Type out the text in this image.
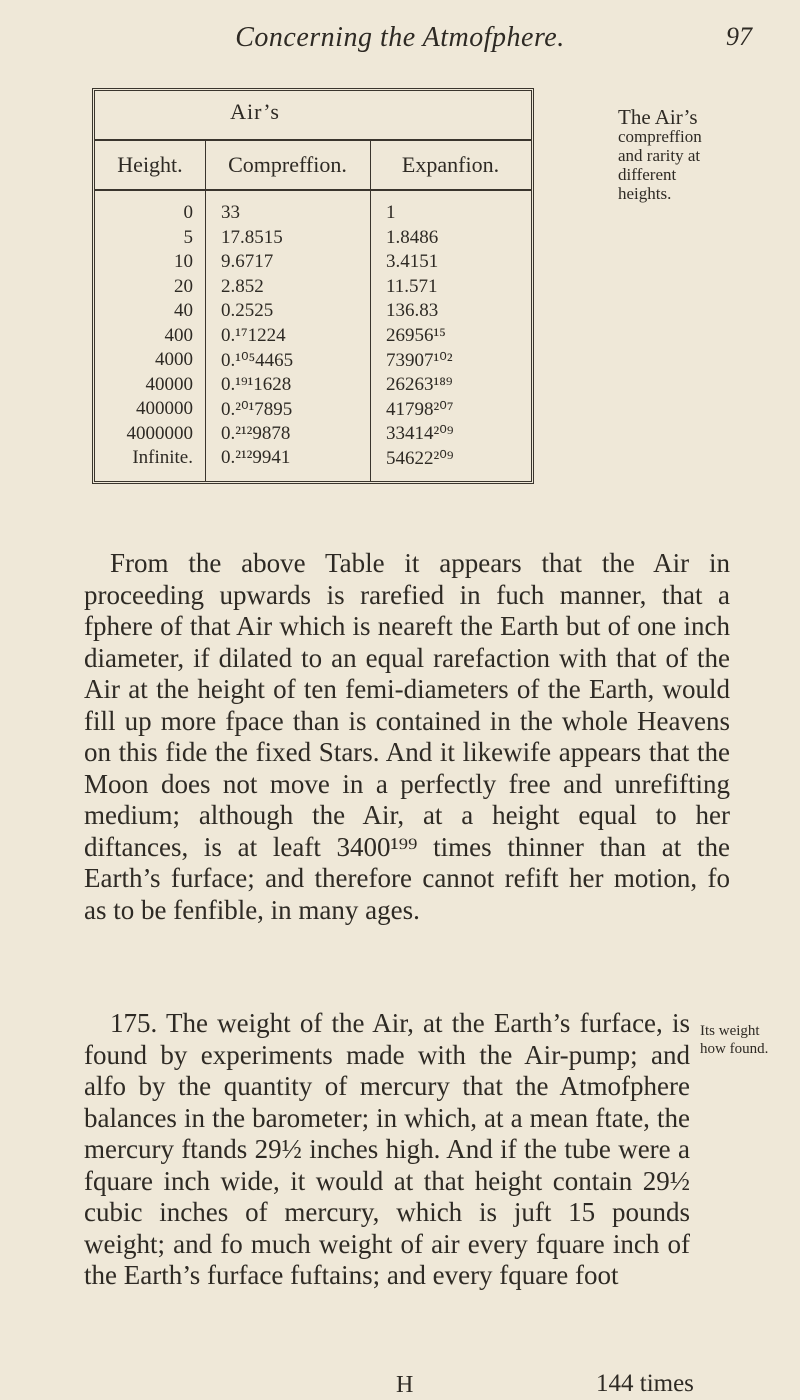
Concerning the Atmofphere.	97
Air’s
Height.	Compreffion.	Expanfion.
0	33	1
5	17.8515	1.8486
10	9.6717	3.4151
20	2.852	11.571
40	0.2525	136.83
400	0.¹⁷1224	26956¹⁵
4000	0.¹⁰⁵4465	73907¹⁰²
40000	0.¹⁹¹1628	26263¹⁸⁹
400000	0.²⁰¹7895	41798²⁰⁷
4000000	0.²¹²9878	33414²⁰⁹
Infinite.	0.²¹²9941	54622²⁰⁹
The Air’s
compreffion
and rarity at
different
heights.
From the above Table it appears that the Air in proceeding upwards is rarefied in fuch manner, that a fphere of that Air which is neareft the Earth but of one inch diameter, if dilated to an equal rarefaction with that of the Air at the height of ten femi-diameters of the Earth, would fill up more fpace than is contained in the whole Heavens on this fide the fixed Stars. And it likewife appears that the Moon does not move in a perfectly free and unrefifting medium; although the Air, at a height equal to her diftances, is at leaft 3400¹⁹⁹ times thinner than at the Earth’s furface; and therefore cannot refift her motion, fo as to be fenfible, in many ages.
Its weight
how found.
175. The weight of the Air, at the Earth’s furface, is found by experiments made with the Air-pump; and alfo by the quantity of mercury that the Atmofphere balances in the barometer; in which, at a mean ftate, the mercury ftands 29½ inches high. And if the tube were a fquare inch wide, it would at that height contain 29½ cubic inches of mercury, which is juft 15 pounds weight; and fo much weight of air every fquare inch of the Earth’s furface fuftains; and every fquare foot
H	144 times
